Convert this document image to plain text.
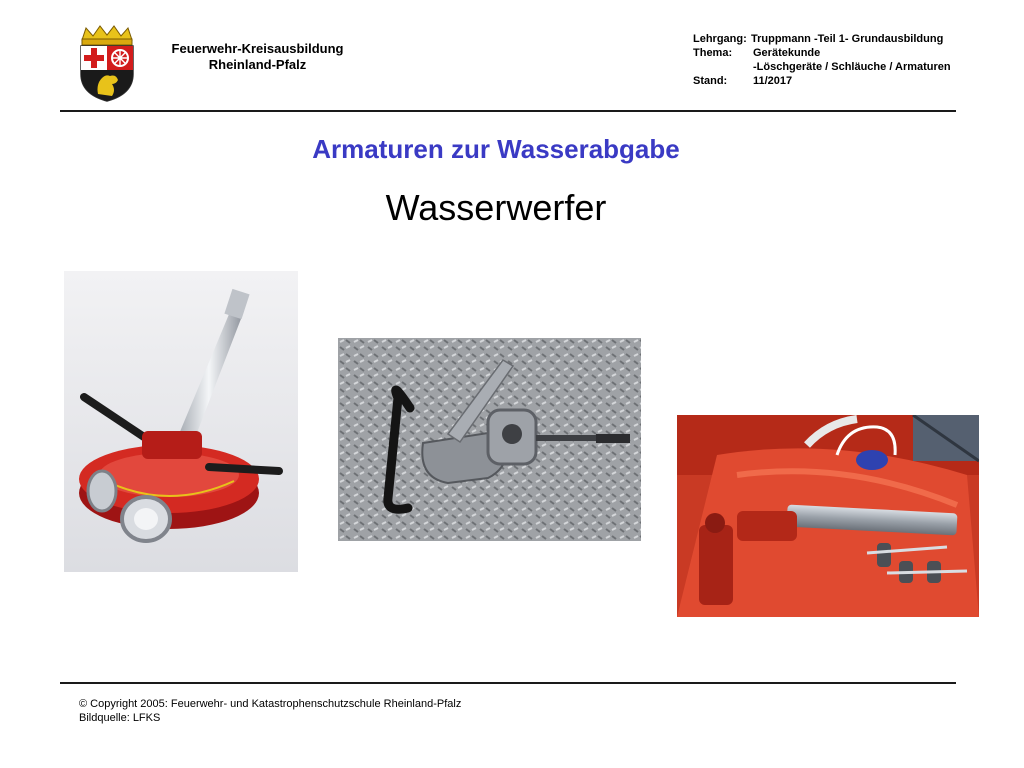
Feuerwehr-Kreisausbildung
Rheinland-Pfalz
Lehrgang: Truppmann -Teil 1- Grundausbildung
Thema:	Gerätekunde
-Löschgeräte / Schläuche / Armaturen
Stand:	11/2017
Armaturen zur Wasserabgabe
Wasserwerfer
© Copyright 2005: Feuerwehr- und Katastrophenschutzschule Rheinland-Pfalz
Bildquelle: LFKS
